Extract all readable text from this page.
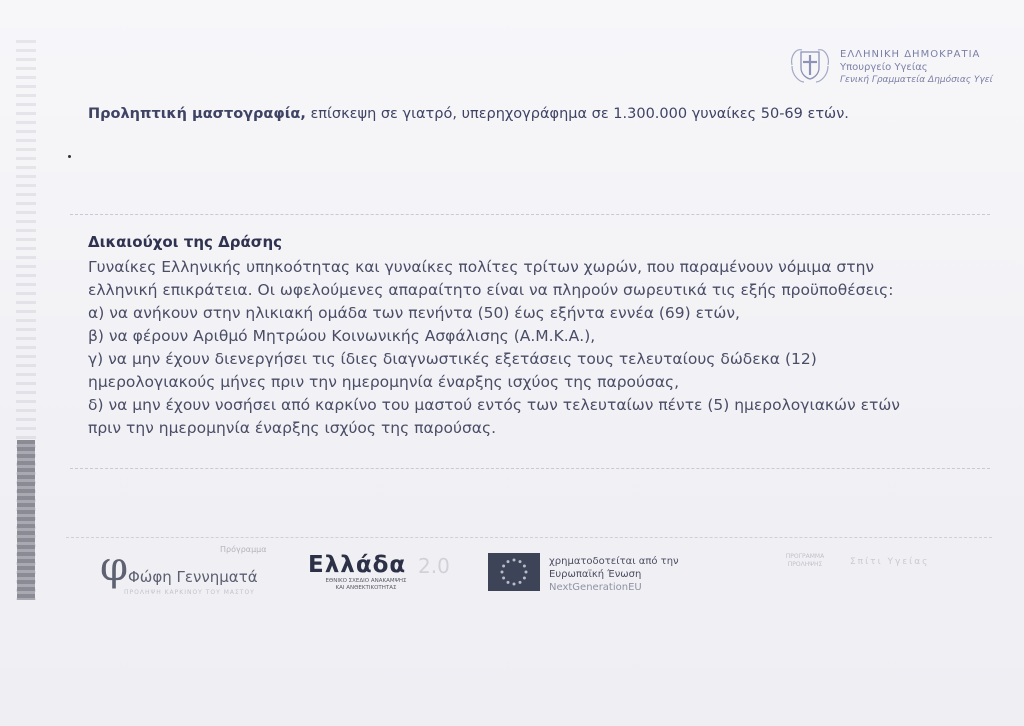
ΕΛΛΗΝΙΚΗ ΔΗΜΟΚΡΑΤΙΑ
Υπουργείο Υγείας
Γενική Γραμματεία Δημόσιας Υγεί
Προληπτική μαστογραφία, επίσκεψη σε γιατρό, υπερηχογράφημα σε 1.300.000 γυναίκες 50-69 ετών.
Δικαιούχοι της Δράσης
Γυναίκες Ελληνικής υπηκοότητας και γυναίκες πολίτες τρίτων χωρών, που παραμένουν νόμιμα στην
ελληνική επικράτεια. Οι ωφελούμενες απαραίτητο είναι να πληρούν σωρευτικά τις εξής προϋποθέσεις:
α) να ανήκουν στην ηλικιακή ομάδα των πενήντα (50) έως εξήντα εννέα (69) ετών,
β) να φέρουν Αριθμό Μητρώου Κοινωνικής Ασφάλισης (Α.Μ.Κ.Α.),
γ) να μην έχουν διενεργήσει τις ίδιες διαγνωστικές εξετάσεις τους τελευταίους δώδεκα (12)
ημερολογιακούς μήνες πριν την ημερομηνία έναρξης ισχύος της παρούσας,
δ) να μην έχουν νοσήσει από καρκίνο του μαστού εντός των τελευταίων πέντε (5) ημερολογιακών ετών
πριν την ημερομηνία έναρξης ισχύος της παρούσας.
φ	Πρόγραμμα
Φώφη Γεννηματά
ΠΡΟΛΗΨΗ ΚΑΡΚΙΝΟΥ ΤΟΥ ΜΑΣΤΟΥ
Ελλάδα 2.0
ΕΘΝΙΚΟ ΣΧΕΔΙΟ ΑΝΑΚΑΜΨΗΣ
ΚΑΙ ΑΝΘΕΚΤΙΚΟΤΗΤΑΣ
χρηματοδοτείται από την
Ευρωπαϊκή Ένωση
NextGenerationEU
ΠΡΟΓΡΑΜΜΑ
ΠΡΟΛΗΨΗΣ	Σπίτι Υγείας
